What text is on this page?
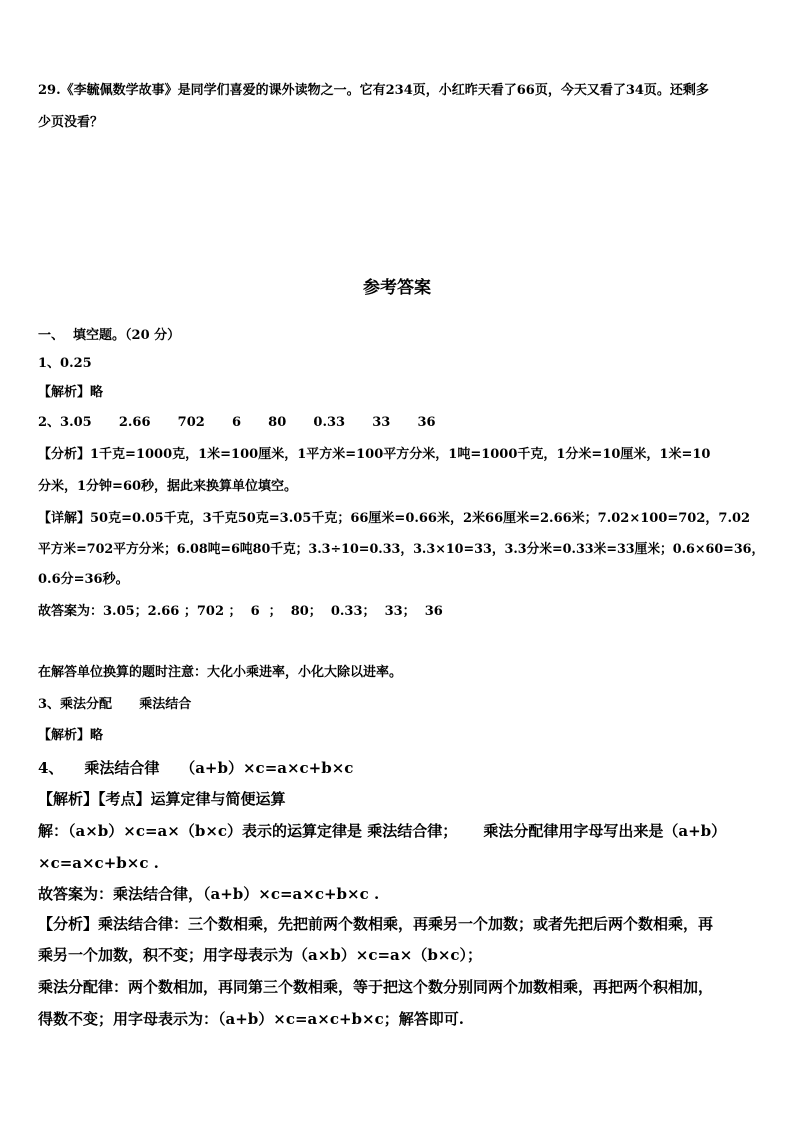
29.《李毓佩数学故事》是同学们喜爱的课外读物之一。它有234页，小红昨天看了66页，今天又看了34页。还剩多
少页没看？
参考答案
一、  填空题。（20 分）
1、0.25
【解析】略
2、3.05      2.66      702      6      80      0.33      33      36
【分析】1千克=1000克，1米=100厘米，1平方米=100平方分米，1吨=1000千克，1分米=10厘米，1米=10
分米，1分钟=60秒，据此来换算单位填空。
【详解】50克=0.05千克，3千克50克=3.05千克；66厘米=0.66米，2米66厘米=2.66米；7.02×100=702，7.02
平方米=702平方分米；6.08吨=6吨80千克；3.3÷10=0.33，3.3×10=33，3.3分米=0.33米=33厘米；0.6×60=36，
0.6分=36秒。
故答案为：3.05；2.66 ；702 ；  6  ；  80；  0.33；  33；  36
在解答单位换算的题时注意：大化小乘进率，小化大除以进率。
3、乘法分配      乘法结合
【解析】略
4、    乘法结合律    （a+b）×c=a×c+b×c
【解析】【考点】运算定律与简便运算
解：（a×b）×c=a×（b×c）表示的运算定律是 乘法结合律；     乘法分配律用字母写出来是（a+b）
×c=a×c+b×c .
故答案为：乘法结合律，（a+b）×c=a×c+b×c .
【分析】乘法结合律：三个数相乘，先把前两个数相乘，再乘另一个加数；或者先把后两个数相乘，再
乘另一个加数，积不变；用字母表示为（a×b）×c=a×（b×c）；
乘法分配律：两个数相加，再同第三个数相乘，等于把这个数分别同两个加数相乘，再把两个积相加，
得数不变；用字母表示为：（a+b）×c=a×c+b×c；解答即可.
